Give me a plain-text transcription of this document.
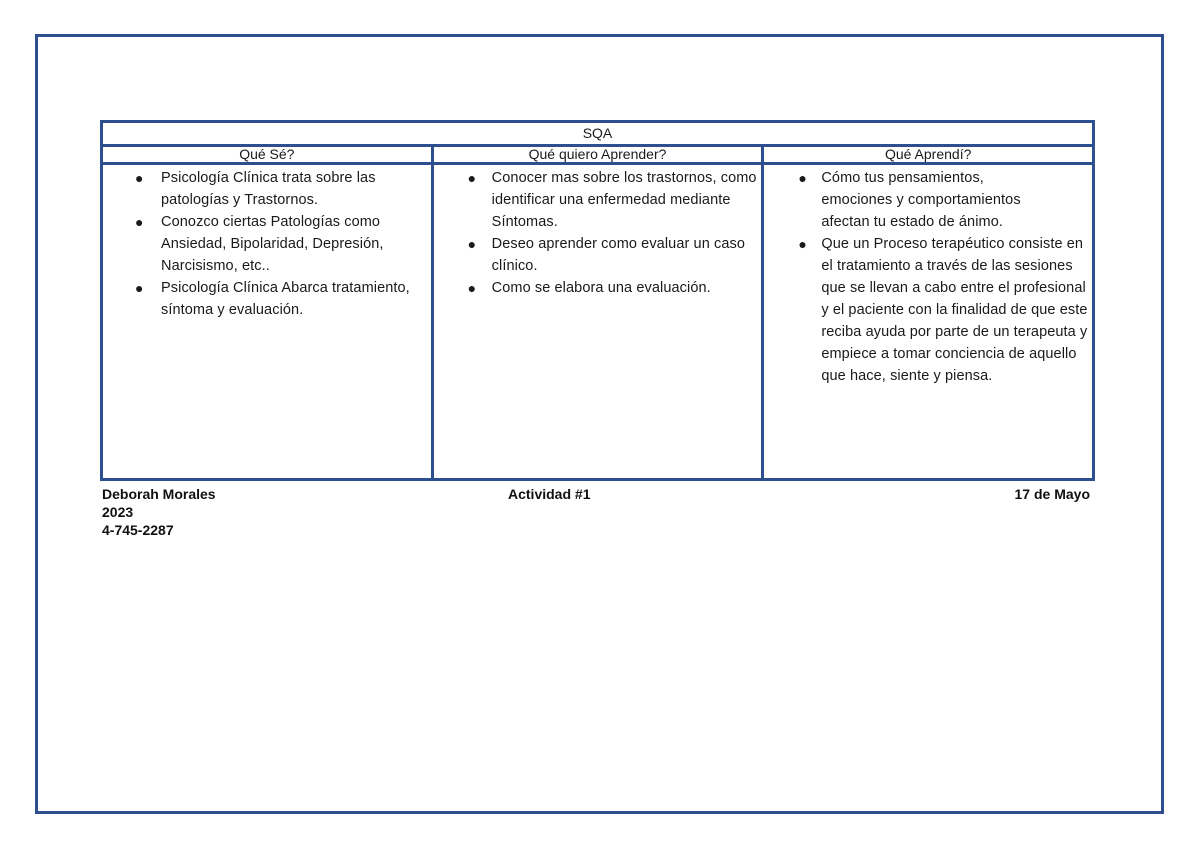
SQA
Qué Sé?
● Psicología Clínica trata sobre las patologías y Trastornos.
● Conozco ciertas Patologías como Ansiedad, Bipolaridad, Depresión, Narcisismo, etc..
● Psicología Clínica Abarca tratamiento, síntoma y evaluación.
Qué quiero Aprender?
● Conocer mas sobre los trastornos, como identificar una enfermedad mediante Síntomas.
● Deseo aprender como evaluar un caso clínico.
● Como se elabora una evaluación.
Qué Aprendí?
● Cómo tus pensamientos, emociones y comportamientos afectan tu estado de ánimo.
● Que un Proceso terapéutico consiste en el tratamiento a través de las sesiones que se llevan a cabo entre el profesional y el paciente con la finalidad de que este reciba ayuda por parte de un terapeuta y empiece a tomar conciencia de aquello que hace, siente y piensa.
Deborah Morales
2023
4-745-2287
Actividad #1	17 de Mayo
